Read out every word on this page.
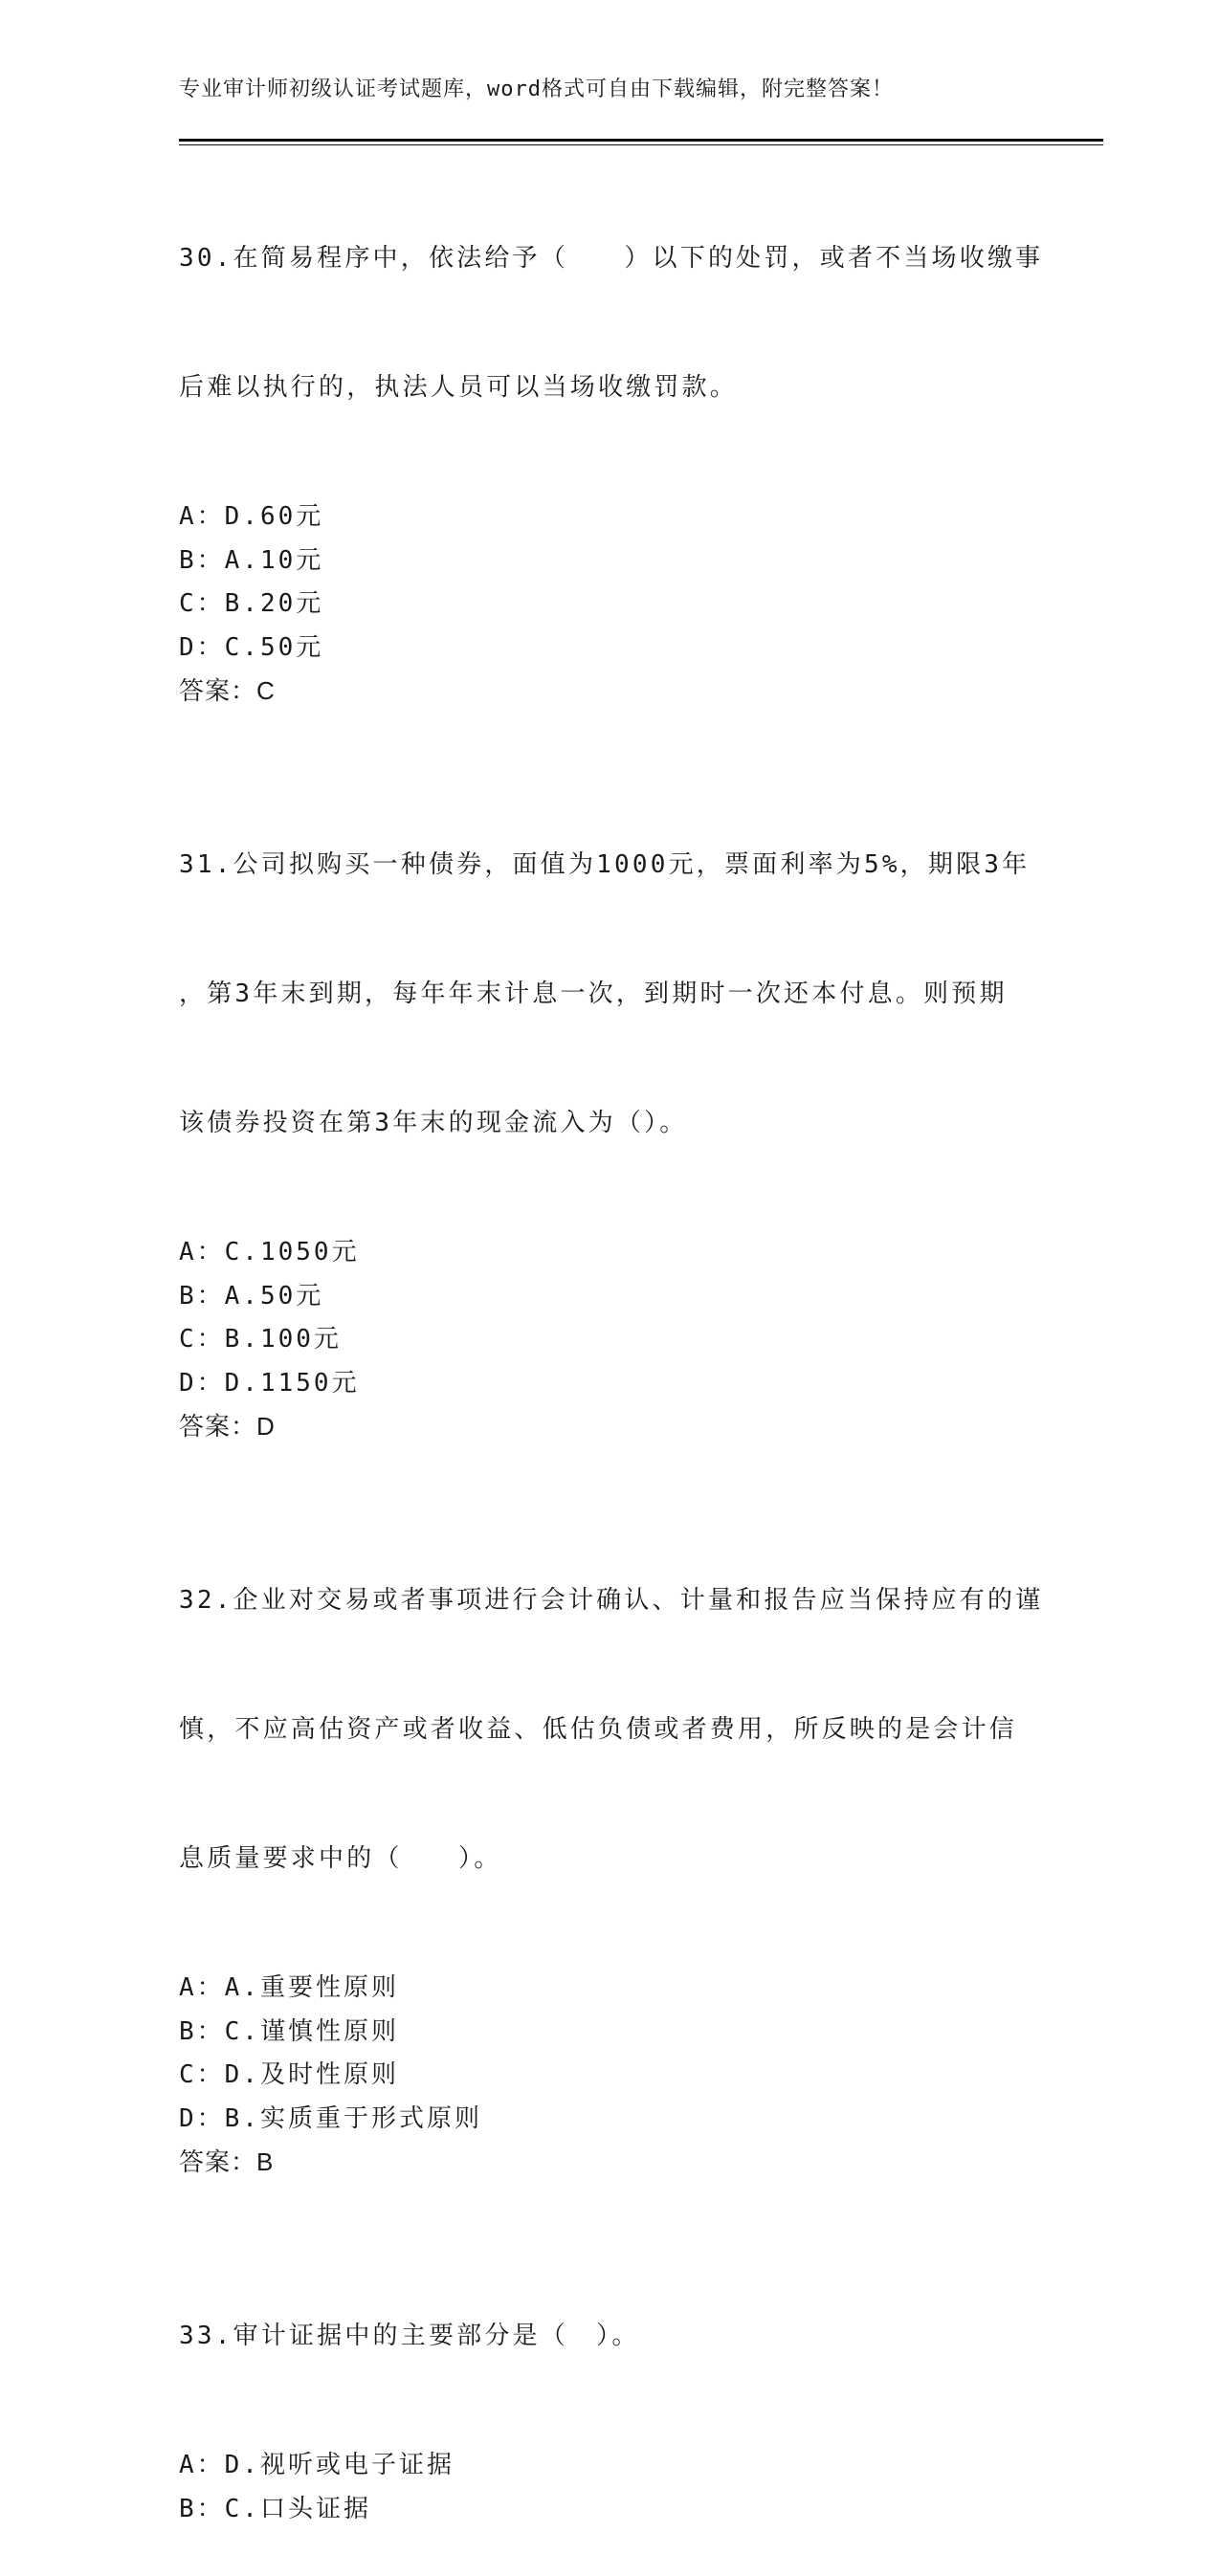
专业审计师初级认证考试题库，word格式可自由下载编辑，附完整答案！

30.在简易程序中，依法给予（　　）以下的处罚，或者不当场收缴事

后难以执行的，执法人员可以当场收缴罚款。

A：D.60元
B：A.10元
C：B.20元
D：C.50元
答案：C

31.公司拟购买一种债券，面值为1000元，票面利率为5%，期限3年

，第3年末到期，每年年末计息一次，到期时一次还本付息。则预期

该债券投资在第3年末的现金流入为（）。

A：C.1050元
B：A.50元
C：B.100元
D：D.1150元
答案：D

32.企业对交易或者事项进行会计确认、计量和报告应当保持应有的谨

慎，不应高估资产或者收益、低估负债或者费用，所反映的是会计信

息质量要求中的（　　）。

A：A.重要性原则
B：C.谨慎性原则
C：D.及时性原则
D：B.实质重于形式原则
答案：B

33.审计证据中的主要部分是（　）。

A：D.视听或电子证据
B：C.口头证据
